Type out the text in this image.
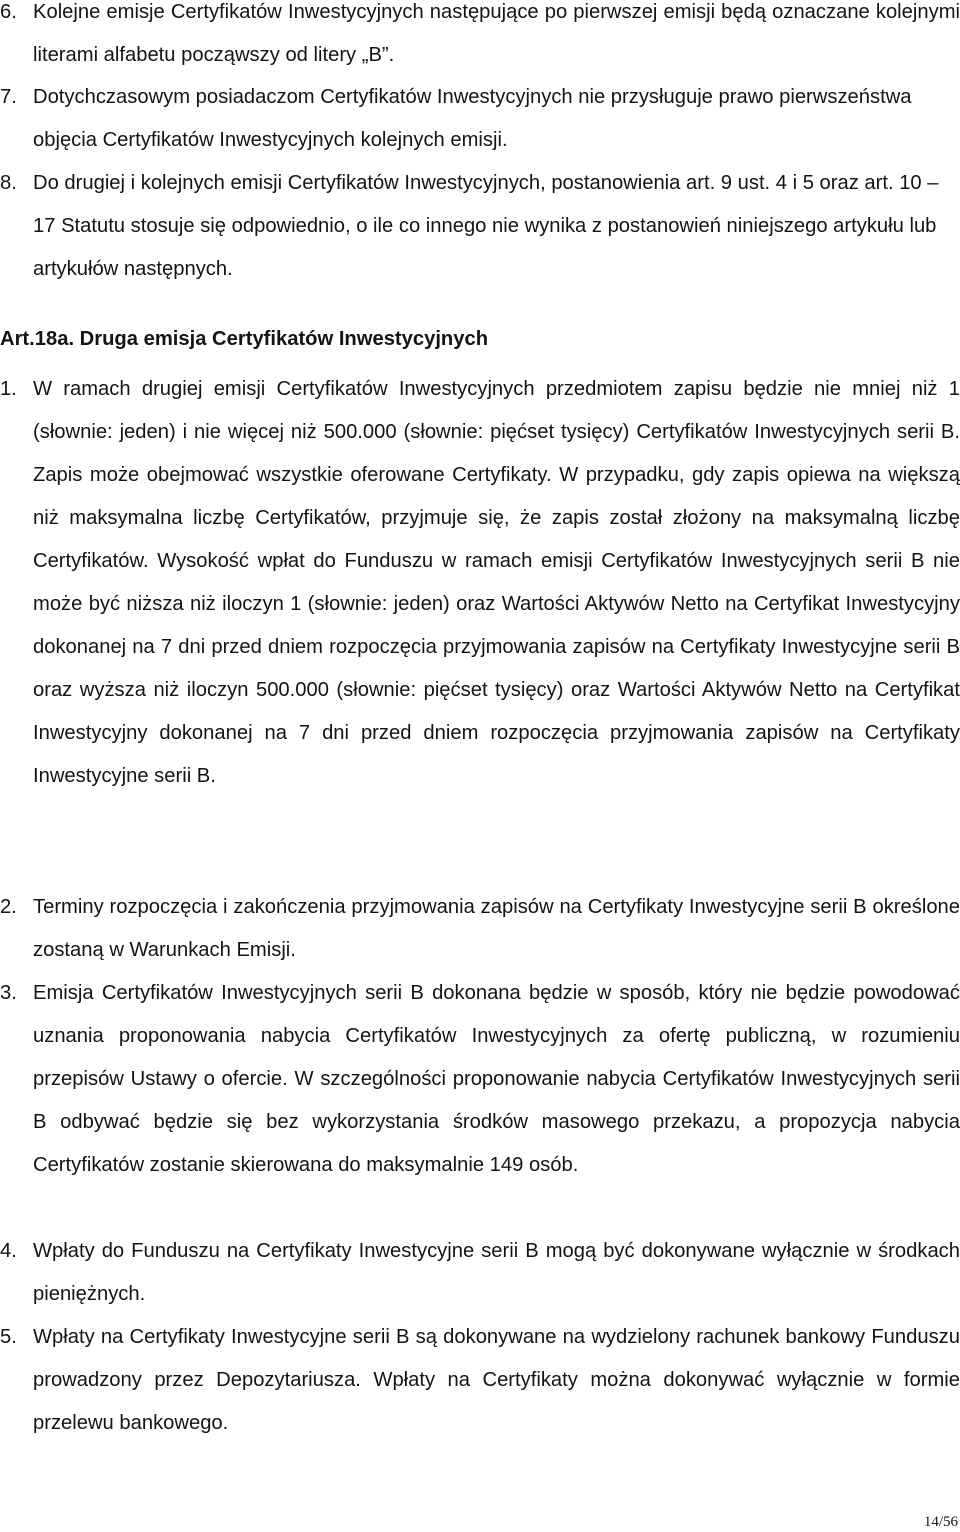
6. Kolejne emisje Certyfikatów Inwestycyjnych następujące po pierwszej emisji będą oznaczane kolejnymi literami alfabetu począwszy od litery „B”.

7. Dotychczasowym posiadaczom Certyfikatów Inwestycyjnych nie przysługuje prawo pierwszeństwa objęcia Certyfikatów Inwestycyjnych kolejnych emisji.

8. Do drugiej i kolejnych emisji Certyfikatów Inwestycyjnych, postanowienia art. 9 ust. 4 i 5 oraz art. 10 – 17 Statutu stosuje się odpowiednio, o ile co innego nie wynika z postanowień niniejszego artykułu lub artykułów następnych.

Art.18a. Druga emisja Certyfikatów Inwestycyjnych

1. W ramach drugiej emisji Certyfikatów Inwestycyjnych przedmiotem zapisu będzie nie mniej niż 1 (słownie: jeden) i nie więcej niż 500.000 (słownie: pięćset tysięcy) Certyfikatów Inwestycyjnych serii B. Zapis może obejmować wszystkie oferowane Certyfikaty. W przypadku, gdy zapis opiewa na większą niż maksymalna liczbę Certyfikatów, przyjmuje się, że zapis został złożony na maksymalną liczbę Certyfikatów. Wysokość wpłat do Funduszu w ramach emisji Certyfikatów Inwestycyjnych serii B nie może być niższa niż iloczyn 1 (słownie: jeden) oraz Wartości Aktywów Netto na Certyfikat Inwestycyjny dokonanej na 7 dni przed dniem rozpoczęcia przyjmowania zapisów na Certyfikaty Inwestycyjne serii B oraz wyższa niż iloczyn 500.000 (słownie: pięćset tysięcy) oraz Wartości Aktywów Netto na Certyfikat Inwestycyjny dokonanej na 7 dni przed dniem rozpoczęcia przyjmowania zapisów na Certyfikaty Inwestycyjne serii B.

2. Terminy rozpoczęcia i zakończenia przyjmowania zapisów na Certyfikaty Inwestycyjne serii B określone zostaną w Warunkach Emisji.

3. Emisja Certyfikatów Inwestycyjnych serii B dokonana będzie w sposób, który nie będzie powodować uznania proponowania nabycia Certyfikatów Inwestycyjnych za ofertę publiczną, w rozumieniu przepisów Ustawy o ofercie. W szczególności proponowanie nabycia Certyfikatów Inwestycyjnych serii B odbywać będzie się bez wykorzystania środków masowego przekazu, a propozycja nabycia Certyfikatów zostanie skierowana do maksymalnie 149 osób.

4. Wpłaty do Funduszu na Certyfikaty Inwestycyjne serii B mogą być dokonywane wyłącznie w środkach pieniężnych.

5. Wpłaty na Certyfikaty Inwestycyjne serii B są dokonywane na wydzielony rachunek bankowy Funduszu prowadzony przez Depozytariusza. Wpłaty na Certyfikaty można dokonywać wyłącznie w formie przelewu bankowego.

14/56
